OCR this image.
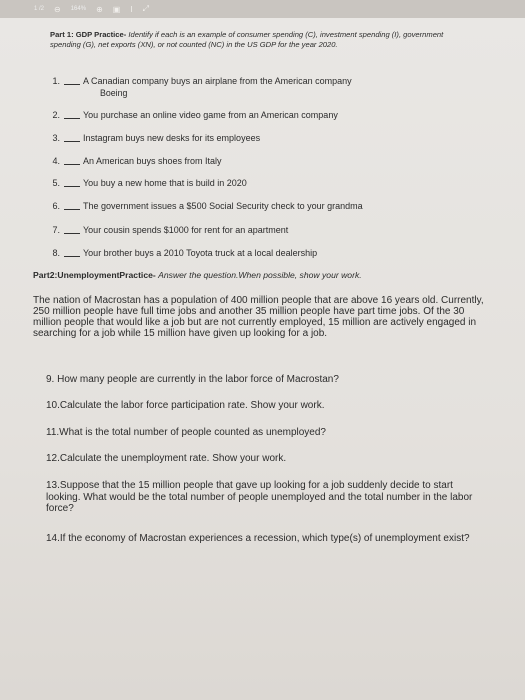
1 /2 ⊖ 164% ⊕ ▣ I ⤢
Part 1: GDP Practice- Identify if each is an example of consumer spending (C), investment spending (I), government spending (G), net exports (XN), or not counted (NC) in the US GDP for the year 2020.
1.	A Canadian company buys an airplane from the American company
Boeing
2.	You purchase an online video game from an American company
3.	Instagram buys new desks for its employees
4.	An American buys shoes from Italy
5.	You buy a new home that is build in 2020
6.	The government issues a $500 Social Security check to your grandma
7.	Your cousin spends $1000 for rent for an apartment
8.	Your brother buys a 2010 Toyota truck at a local dealership
Part2:UnemploymentPractice- Answer the question.When possible, show your work.
The nation of Macrostan has a population of 400 million people that are above 16 years old. Currently, 250 million people have full time jobs and another 35 million people have part time jobs. Of the 30 million people that would like a job but are not currently employed, 15 million are actively engaged in searching for a job while 15 million have given up looking for a job.
9. How many people are currently in the labor force of Macrostan?
10.Calculate the labor force participation rate. Show your work.
11.What is the total number of people counted as unemployed?
12.Calculate the unemployment rate. Show your work.
13.Suppose that the 15 million people that gave up looking for a job suddenly decide to start looking. What would be the total number of people unemployed and the total number in the labor force?
14.If the economy of Macrostan experiences a recession, which type(s) of unemployment exist?
